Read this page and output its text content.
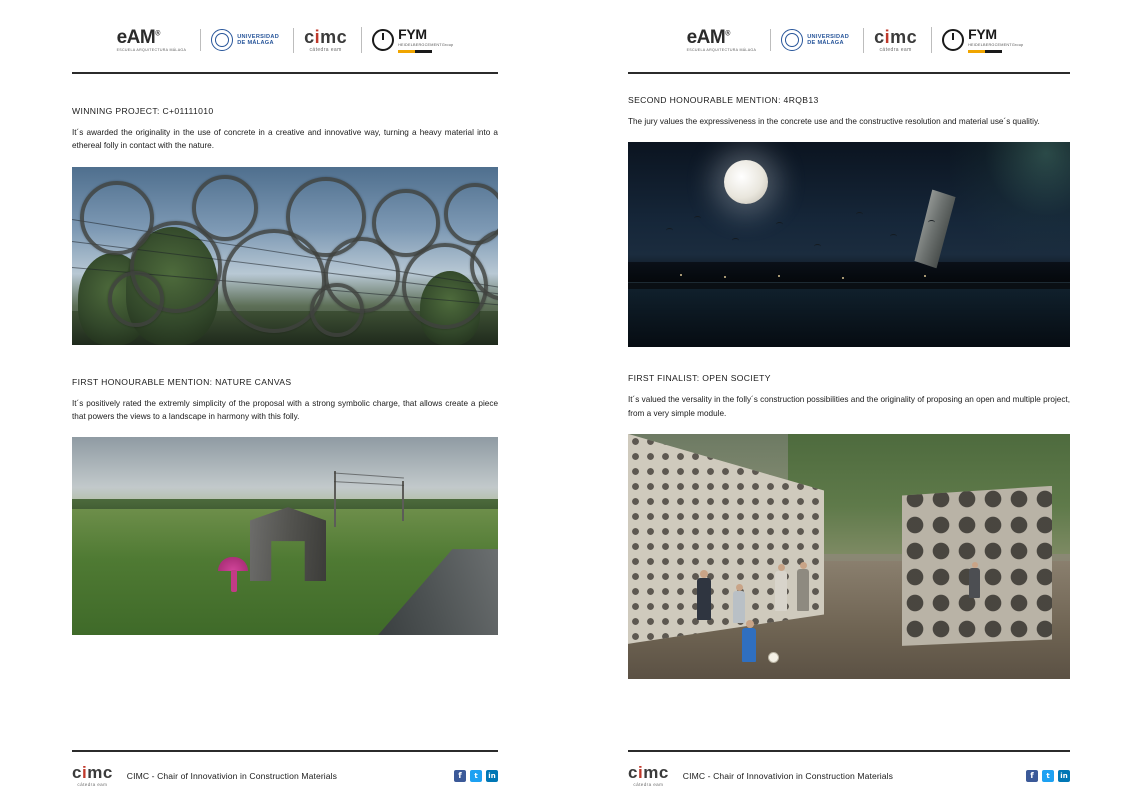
eAM®
ESCUELA ARQUITECTURA MÁLAGA
UNIVERSIDAD
DE MÁLAGA cimc
cátedra eam
FYM
HEIDELBERGCEMENTGroup

WINNING PROJECT: C+01111010

It´s awarded the originality in the use of concrete in a creative and innovative way, turning a heavy material into a ethereal folly in contact with the nature.

FIRST HONOURABLE MENTION: NATURE CANVAS

It´s positively rated the extremly simplicity of the proposal with a strong symbolic charge, that allows create a piece that powers the views to a landscape in harmony with this folly.

cimc
cátedra eam
CIMC - Chair of Innovativion in Construction Materials	f	t	in
eAM®
ESCUELA ARQUITECTURA MÁLAGA
UNIVERSIDAD
DE MÁLAGA cimc
cátedra eam
FYM
HEIDELBERGCEMENTGroup

SECOND HONOURABLE MENTION: 4RQB13

The jury values the expressiveness in the concrete use and the constructive resolution and material use´s qualitiy.

FIRST FINALIST: OPEN SOCIETY

It´s valued the versality in the folly´s construction possibilities and the originality of proposing an open and multiple project, from a very simple module.

cimc
cátedra eam
CIMC - Chair of Innovativion in Construction Materials	f	t	in
